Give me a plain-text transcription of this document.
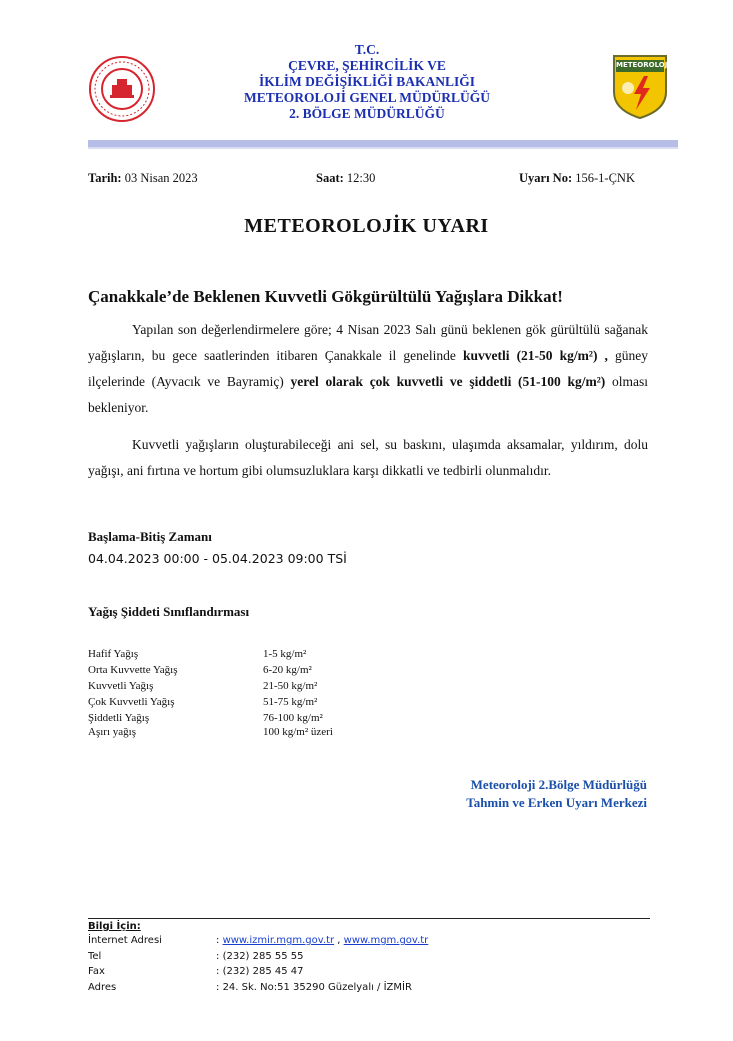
T.C.
ÇEVRE, ŞEHİRCİLİK VE
İKLİM DEĞİŞİKLİĞİ BAKANLIĞI
METEOROLOJİ GENEL MÜDÜRLÜĞÜ
2. BÖLGE MÜDÜRLÜĞÜ
METEOROLOJİ
Tarih: 03 Nisan 2023	Saat: 12:30	Uyarı No: 156-1-ÇNK
METEOROLOJİK UYARI
Çanakkale’de Beklenen Kuvvetli Gökgürültülü Yağışlara Dikkat!
Yapılan son değerlendirmelere göre; 4 Nisan 2023 Salı günü beklenen gök gürültülü sağanak yağışların, bu gece saatlerinden itibaren Çanakkale il genelinde kuvvetli (21-50 kg/m²) , güney ilçelerinde (Ayvacık ve Bayramiç) yerel olarak çok kuvvetli ve şiddetli (51-100 kg/m²) olması bekleniyor.
Kuvvetli yağışların oluşturabileceği ani sel, su baskını, ulaşımda aksamalar, yıldırım, dolu yağışı, ani fırtına ve hortum gibi olumsuzluklara karşı dikkatli ve tedbirli olunmalıdır.
Başlama-Bitiş Zamanı
04.04.2023 00:00 - 05.04.2023 09:00 TSİ
Yağış Şiddeti Sınıflandırması
Hafif Yağış	1-5 kg/m²
Orta Kuvvette Yağış	6-20 kg/m²
Kuvvetli Yağış	21-50 kg/m²
Çok Kuvvetli Yağış	51-75 kg/m²
Şiddetli Yağış	76-100 kg/m²
Aşırı yağış	100 kg/m² üzeri
Meteoroloji 2.Bölge Müdürlüğü
Tahmin ve Erken Uyarı Merkezi
Bilgi İçin:
İnternet Adresi	: www.izmir.mgm.gov.tr , www.mgm.gov.tr
Tel	: (232) 285 55 55
Fax	: (232) 285 45 47
Adres	: 24. Sk. No:51 35290 Güzelyalı / İZMİR
